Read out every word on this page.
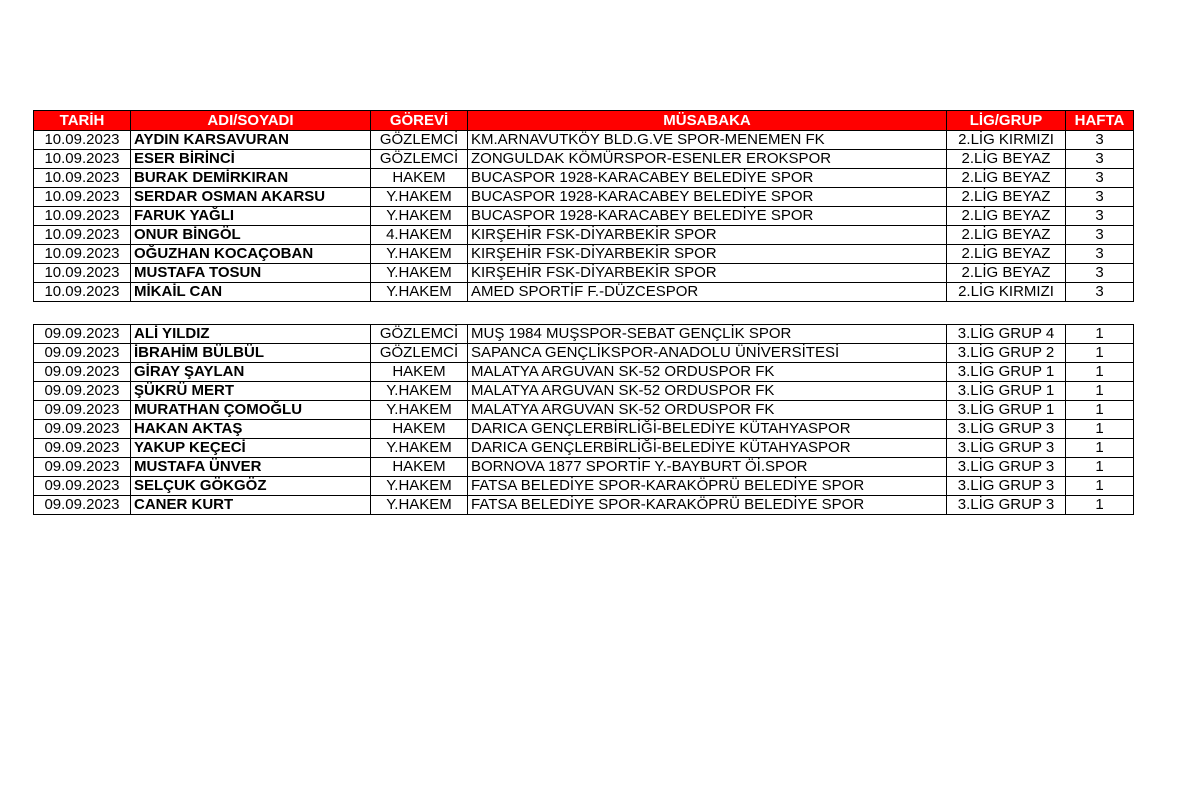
TARİH	ADI/SOYADI	GÖREVİ	MÜSABAKA	LİG/GRUP	HAFTA
10.09.2023	AYDIN KARSAVURAN	GÖZLEMCİ	KM.ARNAVUTKÖY BLD.G.VE SPOR-MENEMEN FK	2.LİG KIRMIZI	3
10.09.2023	ESER BİRİNCİ	GÖZLEMCİ	ZONGULDAK KÖMÜRSPOR-ESENLER EROKSPOR	2.LİG BEYAZ	3
10.09.2023	BURAK DEMİRKIRAN	HAKEM	BUCASPOR 1928-KARACABEY BELEDİYE SPOR	2.LİG BEYAZ	3
10.09.2023	SERDAR OSMAN AKARSU	Y.HAKEM	BUCASPOR 1928-KARACABEY BELEDİYE SPOR	2.LİG BEYAZ	3
10.09.2023	FARUK YAĞLI	Y.HAKEM	BUCASPOR 1928-KARACABEY BELEDİYE SPOR	2.LİG BEYAZ	3
10.09.2023	ONUR BİNGÖL	4.HAKEM	KIRŞEHİR FSK-DİYARBEKİR SPOR	2.LİG BEYAZ	3
10.09.2023	OĞUZHAN KOCAÇOBAN	Y.HAKEM	KIRŞEHİR FSK-DİYARBEKİR SPOR	2.LİG BEYAZ	3
10.09.2023	MUSTAFA TOSUN	Y.HAKEM	KIRŞEHİR FSK-DİYARBEKİR SPOR	2.LİG BEYAZ	3
10.09.2023	MİKAİL CAN	Y.HAKEM	AMED SPORTİF F.-DÜZCESPOR	2.LİG KIRMIZI	3
09.09.2023	ALİ YILDIZ	GÖZLEMCİ	MUŞ 1984 MUŞSPOR-SEBAT GENÇLİK SPOR	3.LİG GRUP 4	1
09.09.2023	İBRAHİM BÜLBÜL	GÖZLEMCİ	SAPANCA GENÇLİKSPOR-ANADOLU ÜNİVERSİTESİ	3.LİG GRUP 2	1
09.09.2023	GİRAY ŞAYLAN	HAKEM	MALATYA ARGUVAN SK-52 ORDUSPOR FK	3.LİG GRUP 1	1
09.09.2023	ŞÜKRÜ MERT	Y.HAKEM	MALATYA ARGUVAN SK-52 ORDUSPOR FK	3.LİG GRUP 1	1
09.09.2023	MURATHAN ÇOMOĞLU	Y.HAKEM	MALATYA ARGUVAN SK-52 ORDUSPOR FK	3.LİG GRUP 1	1
09.09.2023	HAKAN AKTAŞ	HAKEM	DARICA GENÇLERBİRLİĞİ-BELEDİYE KÜTAHYASPOR	3.LİG GRUP 3	1
09.09.2023	YAKUP KEÇECİ	Y.HAKEM	DARICA GENÇLERBİRLİĞİ-BELEDİYE KÜTAHYASPOR	3.LİG GRUP 3	1
09.09.2023	MUSTAFA ÜNVER	HAKEM	BORNOVA 1877 SPORTİF Y.-BAYBURT Öİ.SPOR	3.LİG GRUP 3	1
09.09.2023	SELÇUK GÖKGÖZ	Y.HAKEM	FATSA BELEDİYE SPOR-KARAKÖPRÜ BELEDİYE SPOR	3.LİG GRUP 3	1
09.09.2023	CANER KURT	Y.HAKEM	FATSA BELEDİYE SPOR-KARAKÖPRÜ BELEDİYE SPOR	3.LİG GRUP 3	1
